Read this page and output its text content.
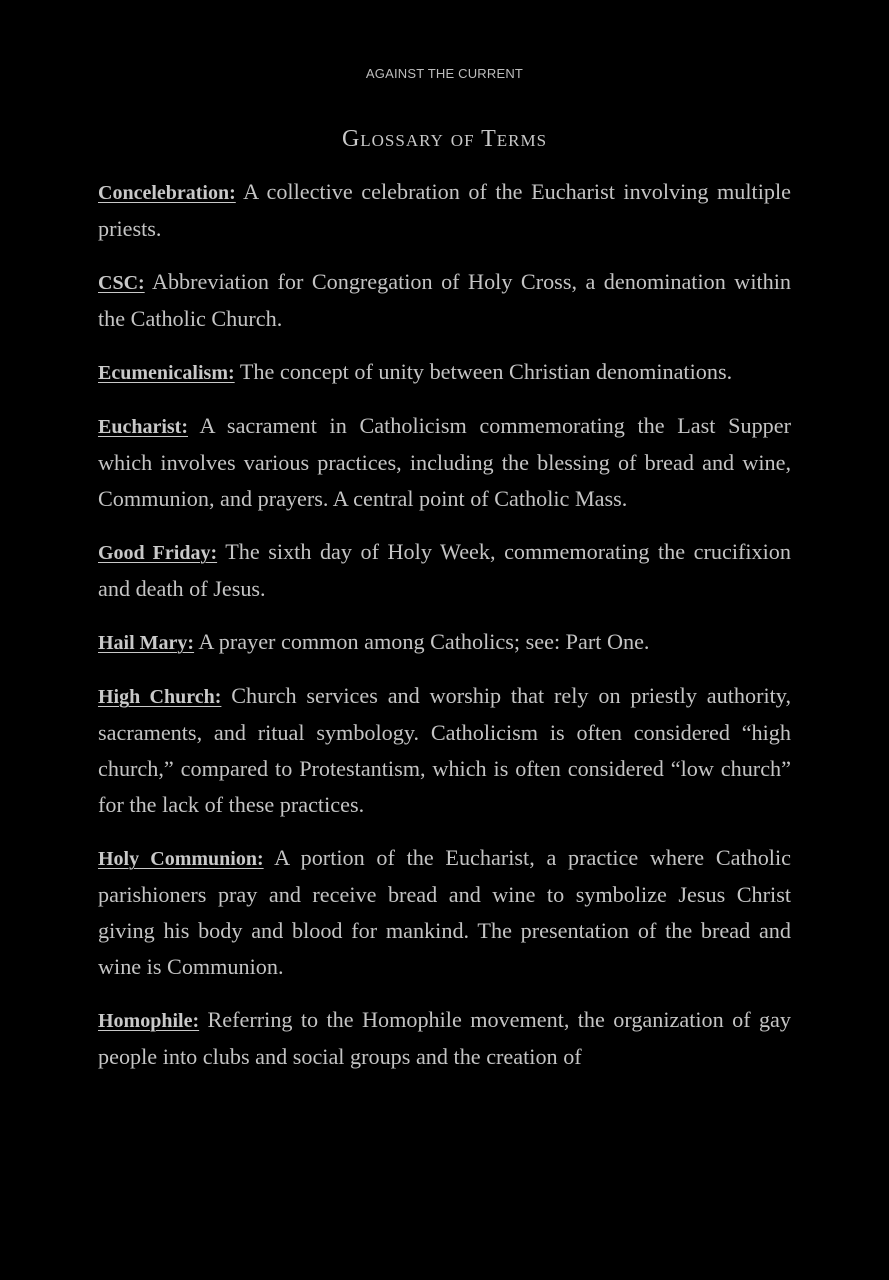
AGAINST THE CURRENT
Glossary of Terms

Concelebration: A collective celebration of the Eucharist involving multiple priests.

CSC: Abbreviation for Congregation of Holy Cross, a denomination within the Catholic Church.

Ecumenicalism: The concept of unity between Christian denominations.

Eucharist: A sacrament in Catholicism commemorating the Last Supper which involves various practices, including the blessing of bread and wine, Communion, and prayers. A central point of Catholic Mass.

Good Friday: The sixth day of Holy Week, commemorating the crucifixion and death of Jesus.

Hail Mary: A prayer common among Catholics; see: Part One.

High Church: Church services and worship that rely on priestly authority, sacraments, and ritual symbology. Catholicism is often considered “high church,” compared to Protestantism, which is often considered “low church” for the lack of these practices.

Holy Communion: A portion of the Eucharist, a practice where Catholic parishioners pray and receive bread and wine to symbolize Jesus Christ giving his body and blood for mankind. The presentation of the bread and wine is Communion.

Homophile: Referring to the Homophile movement, the organization of gay people into clubs and social groups and the creation of
